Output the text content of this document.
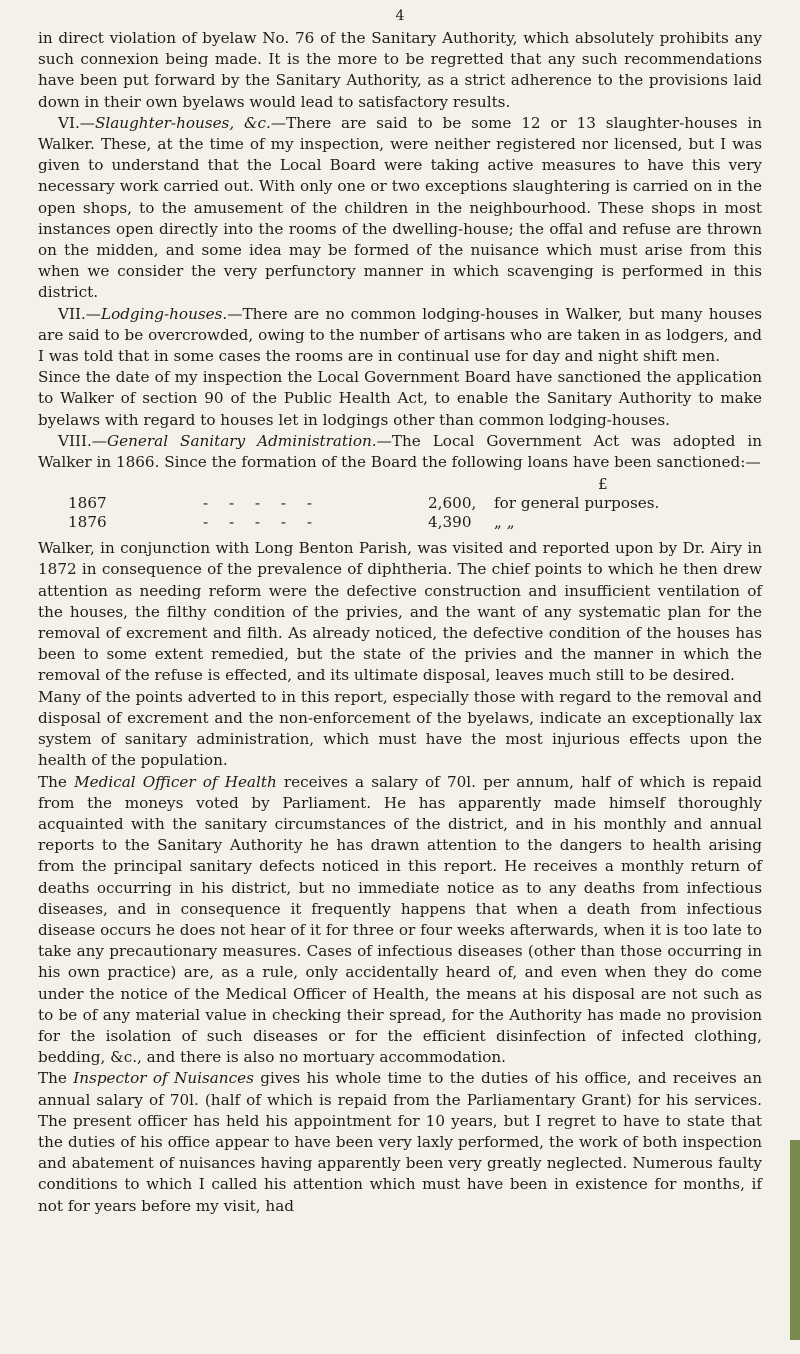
4

in direct violation of byelaw No. 76 of the Sanitary Authority, which absolutely prohibits any such connexion being made. It is the more to be regretted that any such recommendations have been put forward by the Sanitary Authority, as a strict adherence to the provisions laid down in their own byelaws would lead to satisfactory results.

VI.—Slaughter-houses, &c.—There are said to be some 12 or 13 slaughter-houses in Walker. These, at the time of my inspection, were neither registered nor licensed, but I was given to understand that the Local Board were taking active measures to have this very necessary work carried out. With only one or two exceptions slaughtering is carried on in the open shops, to the amusement of the children in the neighbourhood. These shops in most instances open directly into the rooms of the dwelling-house; the offal and refuse are thrown on the midden, and some idea may be formed of the nuisance which must arise from this when we consider the very perfunctory manner in which scavenging is performed in this district.

VII.—Lodging-houses.—There are no common lodging-houses in Walker, but many houses are said to be overcrowded, owing to the number of artisans who are taken in as lodgers, and I was told that in some cases the rooms are in continual use for day and night shift men.

Since the date of my inspection the Local Government Board have sanctioned the application to Walker of section 90 of the Public Health Act, to enable the Sanitary Authority to make byelaws with regard to houses let in lodgings other than common lodging-houses.

VIII.—General Sanitary Administration.—The Local Government Act was adopted in Walker in 1866. Since the formation of the Board the following loans have been sanctioned:—

£
1867	- - - - -	2,600,	for general purposes.
1876	- - - - -	4,390	„ „

Walker, in conjunction with Long Benton Parish, was visited and reported upon by Dr. Airy in 1872 in consequence of the prevalence of diphtheria. The chief points to which he then drew attention as needing reform were the defective construction and insufficient ventilation of the houses, the filthy condition of the privies, and the want of any systematic plan for the removal of excrement and filth. As already noticed, the defective condition of the houses has been to some extent remedied, but the state of the privies and the manner in which the removal of the refuse is effected, and its ultimate disposal, leaves much still to be desired.

Many of the points adverted to in this report, especially those with regard to the removal and disposal of excrement and the non-enforcement of the byelaws, indicate an exceptionally lax system of sanitary administration, which must have the most injurious effects upon the health of the population.

The Medical Officer of Health receives a salary of 70l. per annum, half of which is repaid from the moneys voted by Parliament. He has apparently made himself thoroughly acquainted with the sanitary circumstances of the district, and in his monthly and annual reports to the Sanitary Authority he has drawn attention to the dangers to health arising from the principal sanitary defects noticed in this report. He receives a monthly return of deaths occurring in his district, but no immediate notice as to any deaths from infectious diseases, and in consequence it frequently happens that when a death from infectious disease occurs he does not hear of it for three or four weeks afterwards, when it is too late to take any precautionary measures. Cases of infectious diseases (other than those occurring in his own practice) are, as a rule, only accidentally heard of, and even when they do come under the notice of the Medical Officer of Health, the means at his disposal are not such as to be of any material value in checking their spread, for the Authority has made no provision for the isolation of such diseases or for the efficient disinfection of infected clothing, bedding, &c., and there is also no mortuary accommodation.

The Inspector of Nuisances gives his whole time to the duties of his office, and receives an annual salary of 70l. (half of which is repaid from the Parliamentary Grant) for his services. The present officer has held his appointment for 10 years, but I regret to have to state that the duties of his office appear to have been very laxly performed, the work of both inspection and abatement of nuisances having apparently been very greatly neglected. Numerous faulty conditions to which I called his attention which must have been in existence for months, if not for years before my visit, had
